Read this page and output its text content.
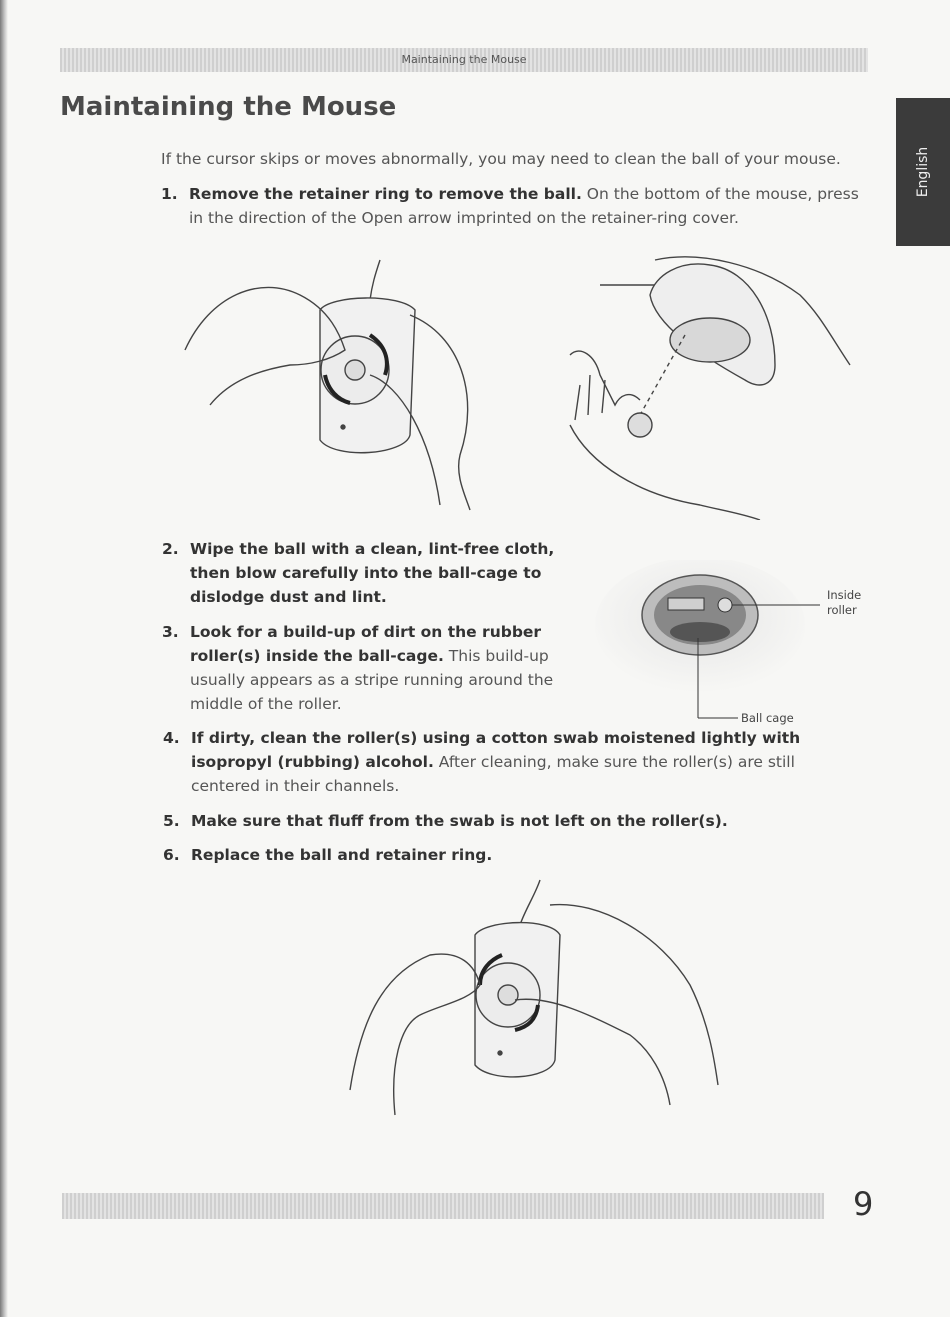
Maintaining the Mouse
Maintaining the Mouse
English
If the cursor skips or moves abnormally, you may need to clean the ball of your mouse.
1. Remove the retainer ring to remove the ball. On the bottom of the mouse, press in the direction of the Open arrow imprinted on the retainer-ring cover.
2. Wipe the ball with a clean, lint-free cloth, then blow carefully into the ball-cage to dislodge dust and lint.
3. Look for a build-up of dirt on the rubber roller(s) inside the ball-cage. This build-up usually appears as a stripe running around the middle of the roller.
Inside
roller
Ball cage
4. If dirty, clean the roller(s) using a cotton swab moistened lightly with isopropyl (rubbing) alcohol. After cleaning, make sure the roller(s) are still centered in their channels.
5. Make sure that fluff from the swab is not left on the roller(s).
6. Replace the ball and retainer ring.
9
